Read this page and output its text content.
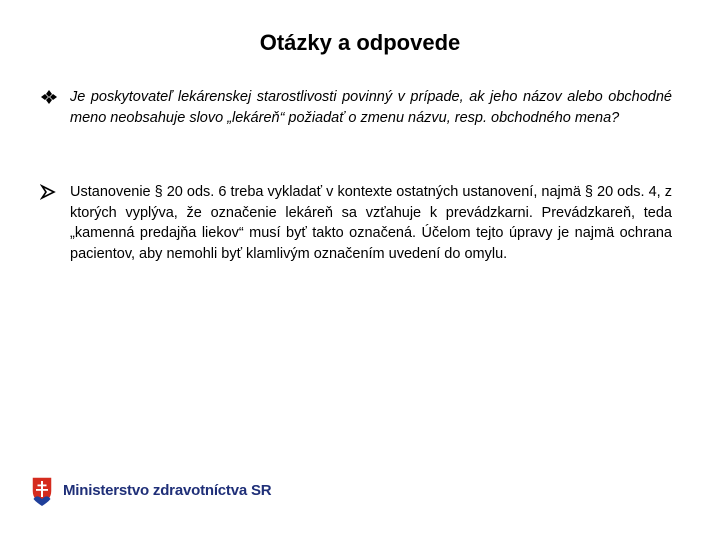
Otázky a odpovede
Je poskytovateľ lekárenskej starostlivosti povinný v prípade, ak jeho názov alebo obchodné meno neobsahuje slovo „lekáreň“ požiadať o zmenu názvu, resp. obchodného mena?
Ustanovenie § 20 ods. 6 treba vykladať v kontexte ostatných ustanovení, najmä § 20 ods. 4, z ktorých vyplýva, že označenie lekáreň sa vzťahuje k prevádzkarni. Prevádzkareň, teda „kamenná predajňa liekov“ musí byť takto označená. Účelom tejto úpravy je najmä ochrana pacientov, aby nemohli byť klamlivým označením uvedení do omylu.
Ministerstvo zdravotníctva SR
